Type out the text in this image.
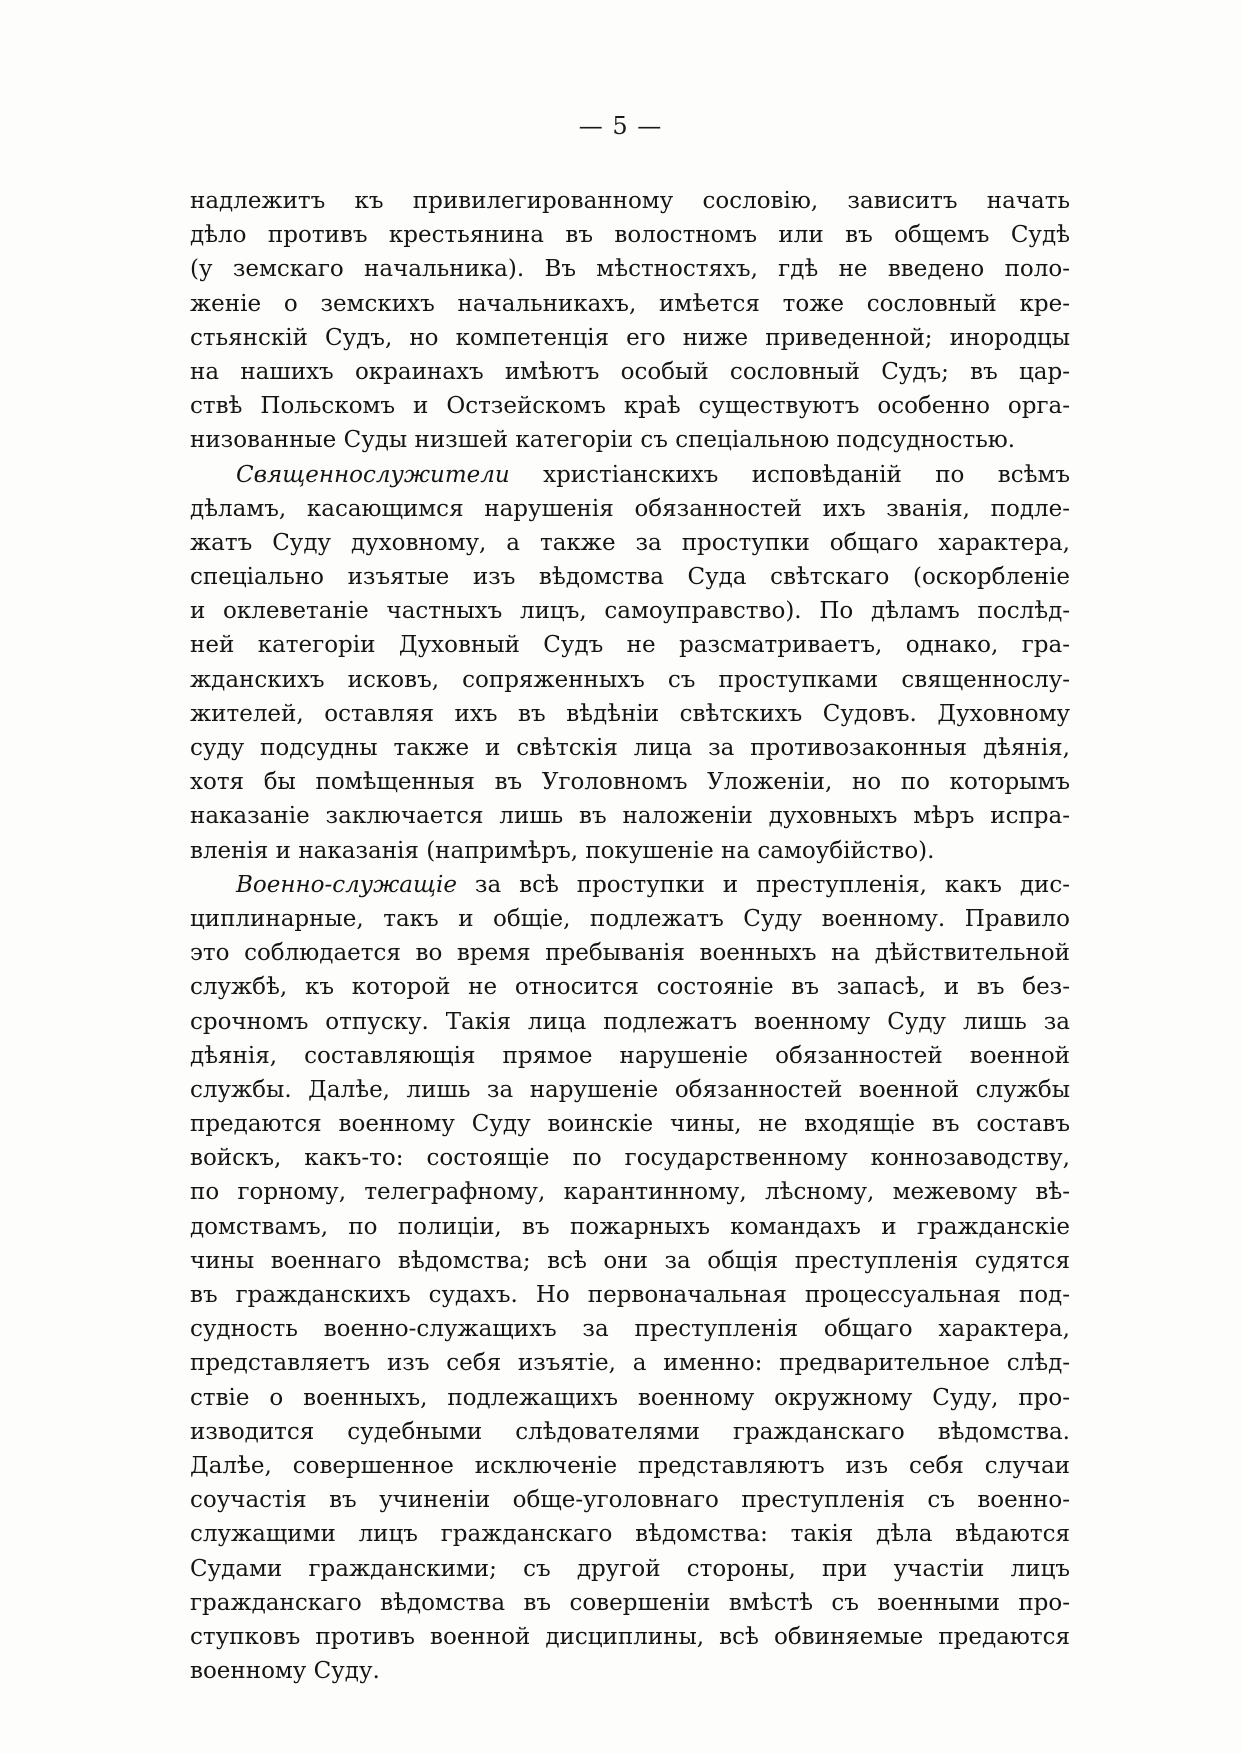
— 5 —
надлежитъ къ привилегированному сословію, зависитъ начать
дѣло противъ крестьянина въ волостномъ или въ общемъ Судѣ
(у земскаго начальника). Въ мѣстностяхъ, гдѣ не введено поло-
женіе о земскихъ начальникахъ, имѣется тоже сословный кре-
стьянскій Судъ, но компетенція его ниже приведенной; инородцы
на нашихъ окраинахъ имѣютъ особый сословный Судъ; въ цар-
ствѣ Польскомъ и Остзейскомъ краѣ существуютъ особенно орга-
низованные Суды низшей категоріи съ спеціальною подсудностью.
Священнослужители христіанскихъ исповѣданій по всѣмъ
дѣламъ, касающимся нарушенія обязанностей ихъ званія, подле-
жатъ Суду духовному, а также за проступки общаго характера,
спеціально изъятые изъ вѣдомства Суда свѣтскаго (оскорбленіе
и оклеветаніе частныхъ лицъ, самоуправство). По дѣламъ послѣд-
ней категоріи Духовный Судъ не разсматриваетъ, однако, гра-
жданскихъ исковъ, сопряженныхъ съ проступками священнослу-
жителей, оставляя ихъ въ вѣдѣніи свѣтскихъ Судовъ. Духовному
суду подсудны также и свѣтскія лица за противозаконныя дѣянія,
хотя бы помѣщенныя въ Уголовномъ Уложеніи, но по которымъ
наказаніе заключается лишь въ наложеніи духовныхъ мѣръ испра-
вленія и наказанія (напримѣръ, покушеніе на самоубійство).
Военно-служащіе за всѣ проступки и преступленія, какъ дис-
циплинарные, такъ и общіе, подлежатъ Суду военному. Правило
это соблюдается во время пребыванія военныхъ на дѣйствительной
службѣ, къ которой не относится состояніе въ запасѣ, и въ без-
срочномъ отпуску. Такія лица подлежатъ военному Суду лишь за
дѣянія, составляющія прямое нарушеніе обязанностей военной
службы. Далѣе, лишь за нарушеніе обязанностей военной службы
предаются военному Суду воинскіе чины, не входящіе въ составъ
войскъ, какъ-то: состоящіе по государственному коннозаводству,
по горному, телеграфному, карантинному, лѣсному, межевому вѣ-
домствамъ, по полиціи, въ пожарныхъ командахъ и гражданскіе
чины военнаго вѣдомства; всѣ они за общія преступленія судятся
въ гражданскихъ судахъ. Но первоначальная процессуальная под-
судность военно-служащихъ за преступленія общаго характера,
представляетъ изъ себя изъятіе, а именно: предварительное слѣд-
ствіе о военныхъ, подлежащихъ военному окружному Суду, про-
изводится судебными слѣдователями гражданскаго вѣдомства.
Далѣе, совершенное исключеніе представляютъ изъ себя случаи
соучастія въ учиненіи обще-уголовнаго преступленія съ военно-
служащими лицъ гражданскаго вѣдомства: такія дѣла вѣдаются
Судами гражданскими; съ другой стороны, при участіи лицъ
гражданскаго вѣдомства въ совершеніи вмѣстѣ съ военными про-
ступковъ противъ военной дисциплины, всѣ обвиняемые предаются
военному Суду.
